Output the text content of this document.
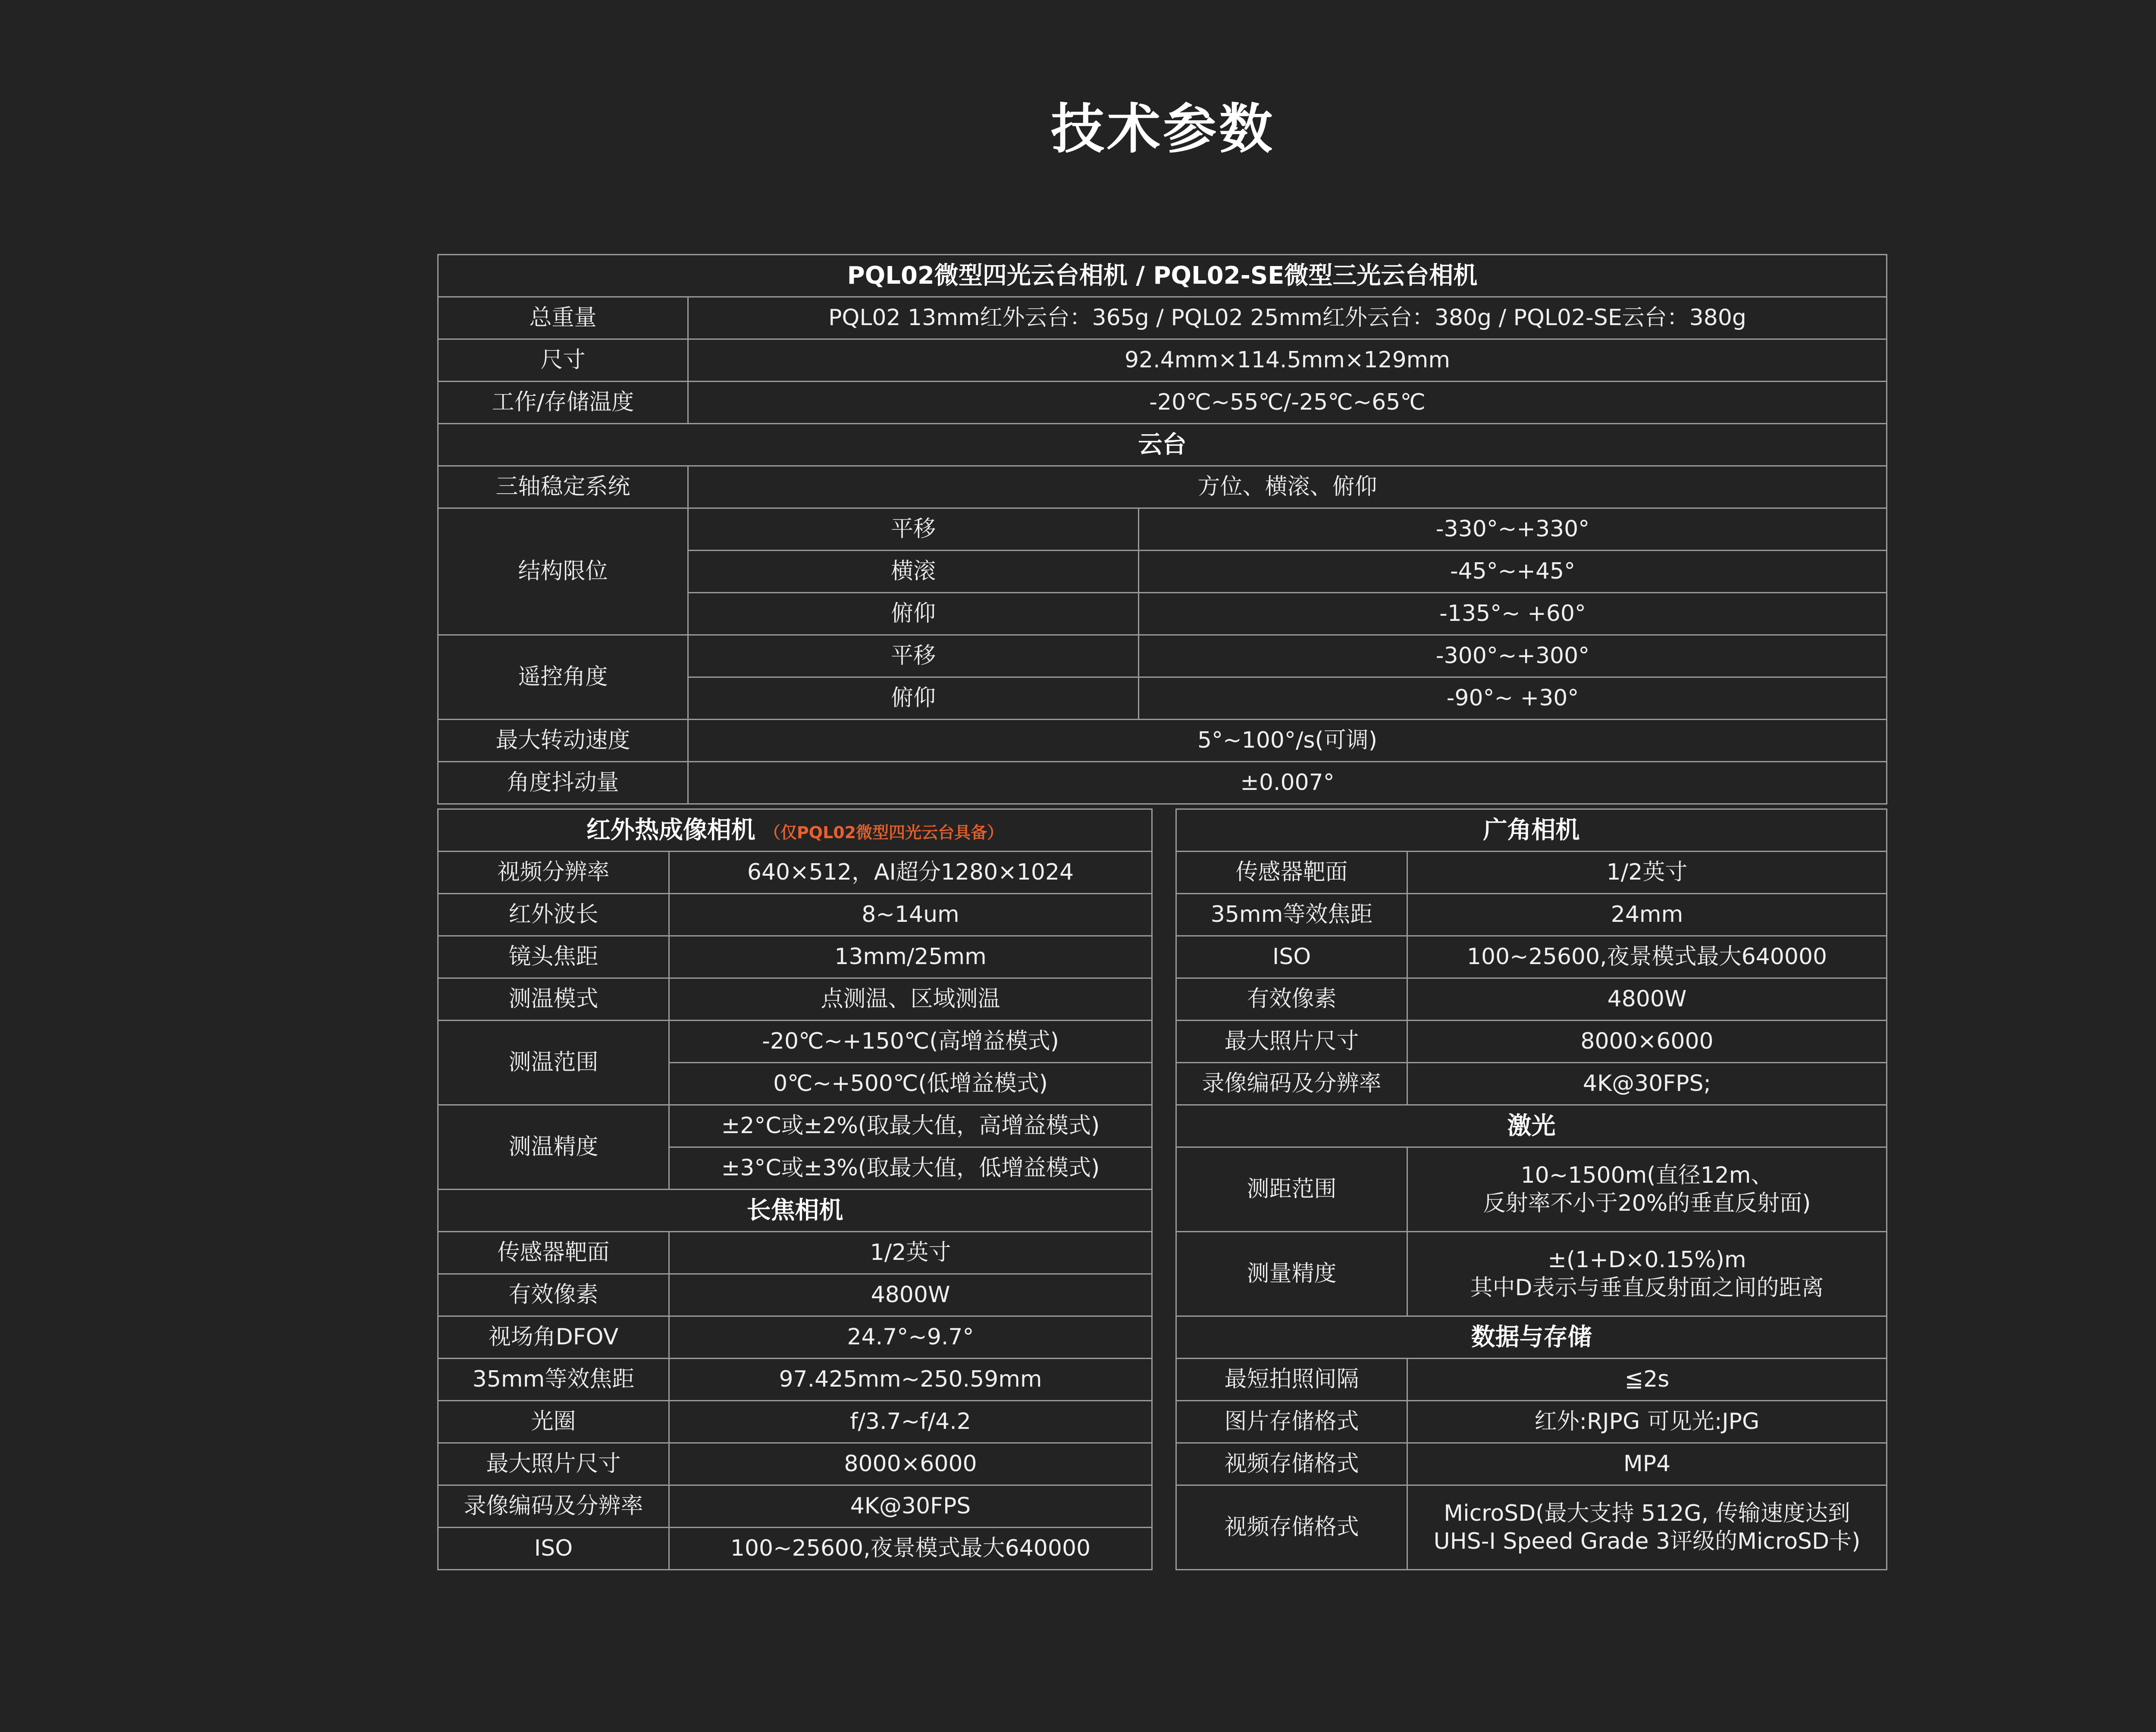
技术参数
PQL02微型四光云台相机 / PQL02-SE微型三光云台相机		
总重量	PQL02 13mm红外云台：365g / PQL02 25mm红外云台：380g / PQL02-SE云台：380g	
尺寸	92.4mm×114.5mm×129mm	
工作/存储温度	-20℃~55℃/-25℃~65℃	
云台		
三轴稳定系统	方位、横滚、俯仰	
结构限位	平移	-330°~+330°
	横滚	-45°~+45°
	俯仰	-135°~ +60°
遥控角度	平移	-300°~+300°
	俯仰	-90°~ +30°
最大转动速度	5°~100°/s(可调)	
角度抖动量	±0.007°	
红外热成像相机 （仅PQL02微型四光云台具备）	
视频分辨率	640×512，AI超分1280×1024
红外波长	8~14um
镜头焦距	13mm/25mm
测温模式	点测温、区域测温
测温范围	-20℃~+150℃(高增益模式)
	0℃~+500℃(低增益模式)
测温精度	±2°C或±2%(取最大值，高增益模式)
	±3°C或±3%(取最大值，低增益模式)
长焦相机	
传感器靶面	1/2英寸
有效像素	4800W
视场角DFOV	24.7°~9.7°
35mm等效焦距	97.425mm~250.59mm
光圈	f/3.7~f/4.2
最大照片尺寸	8000×6000
录像编码及分辨率	4K@30FPS
ISO	100~25600,夜景模式最大640000
广角相机	
传感器靶面	1/2英寸
35mm等效焦距	24mm
ISO	100~25600,夜景模式最大640000
有效像素	4800W
最大照片尺寸	8000×6000
录像编码及分辨率	4K@30FPS;
激光	
测距范围	10~1500m(直径12m、
反射率不小于20%的垂直反射面)

测量精度	±(1+D×0.15%)m
其中D表示与垂直反射面之间的距离

数据与存储	
最短拍照间隔	≦2s
图片存储格式	红外:RJPG 可见光:JPG
视频存储格式	MP4
视频存储格式	MicroSD(最大支持 512G, 传输速度达到
UHS-I Speed Grade 3评级的MicroSD卡)
